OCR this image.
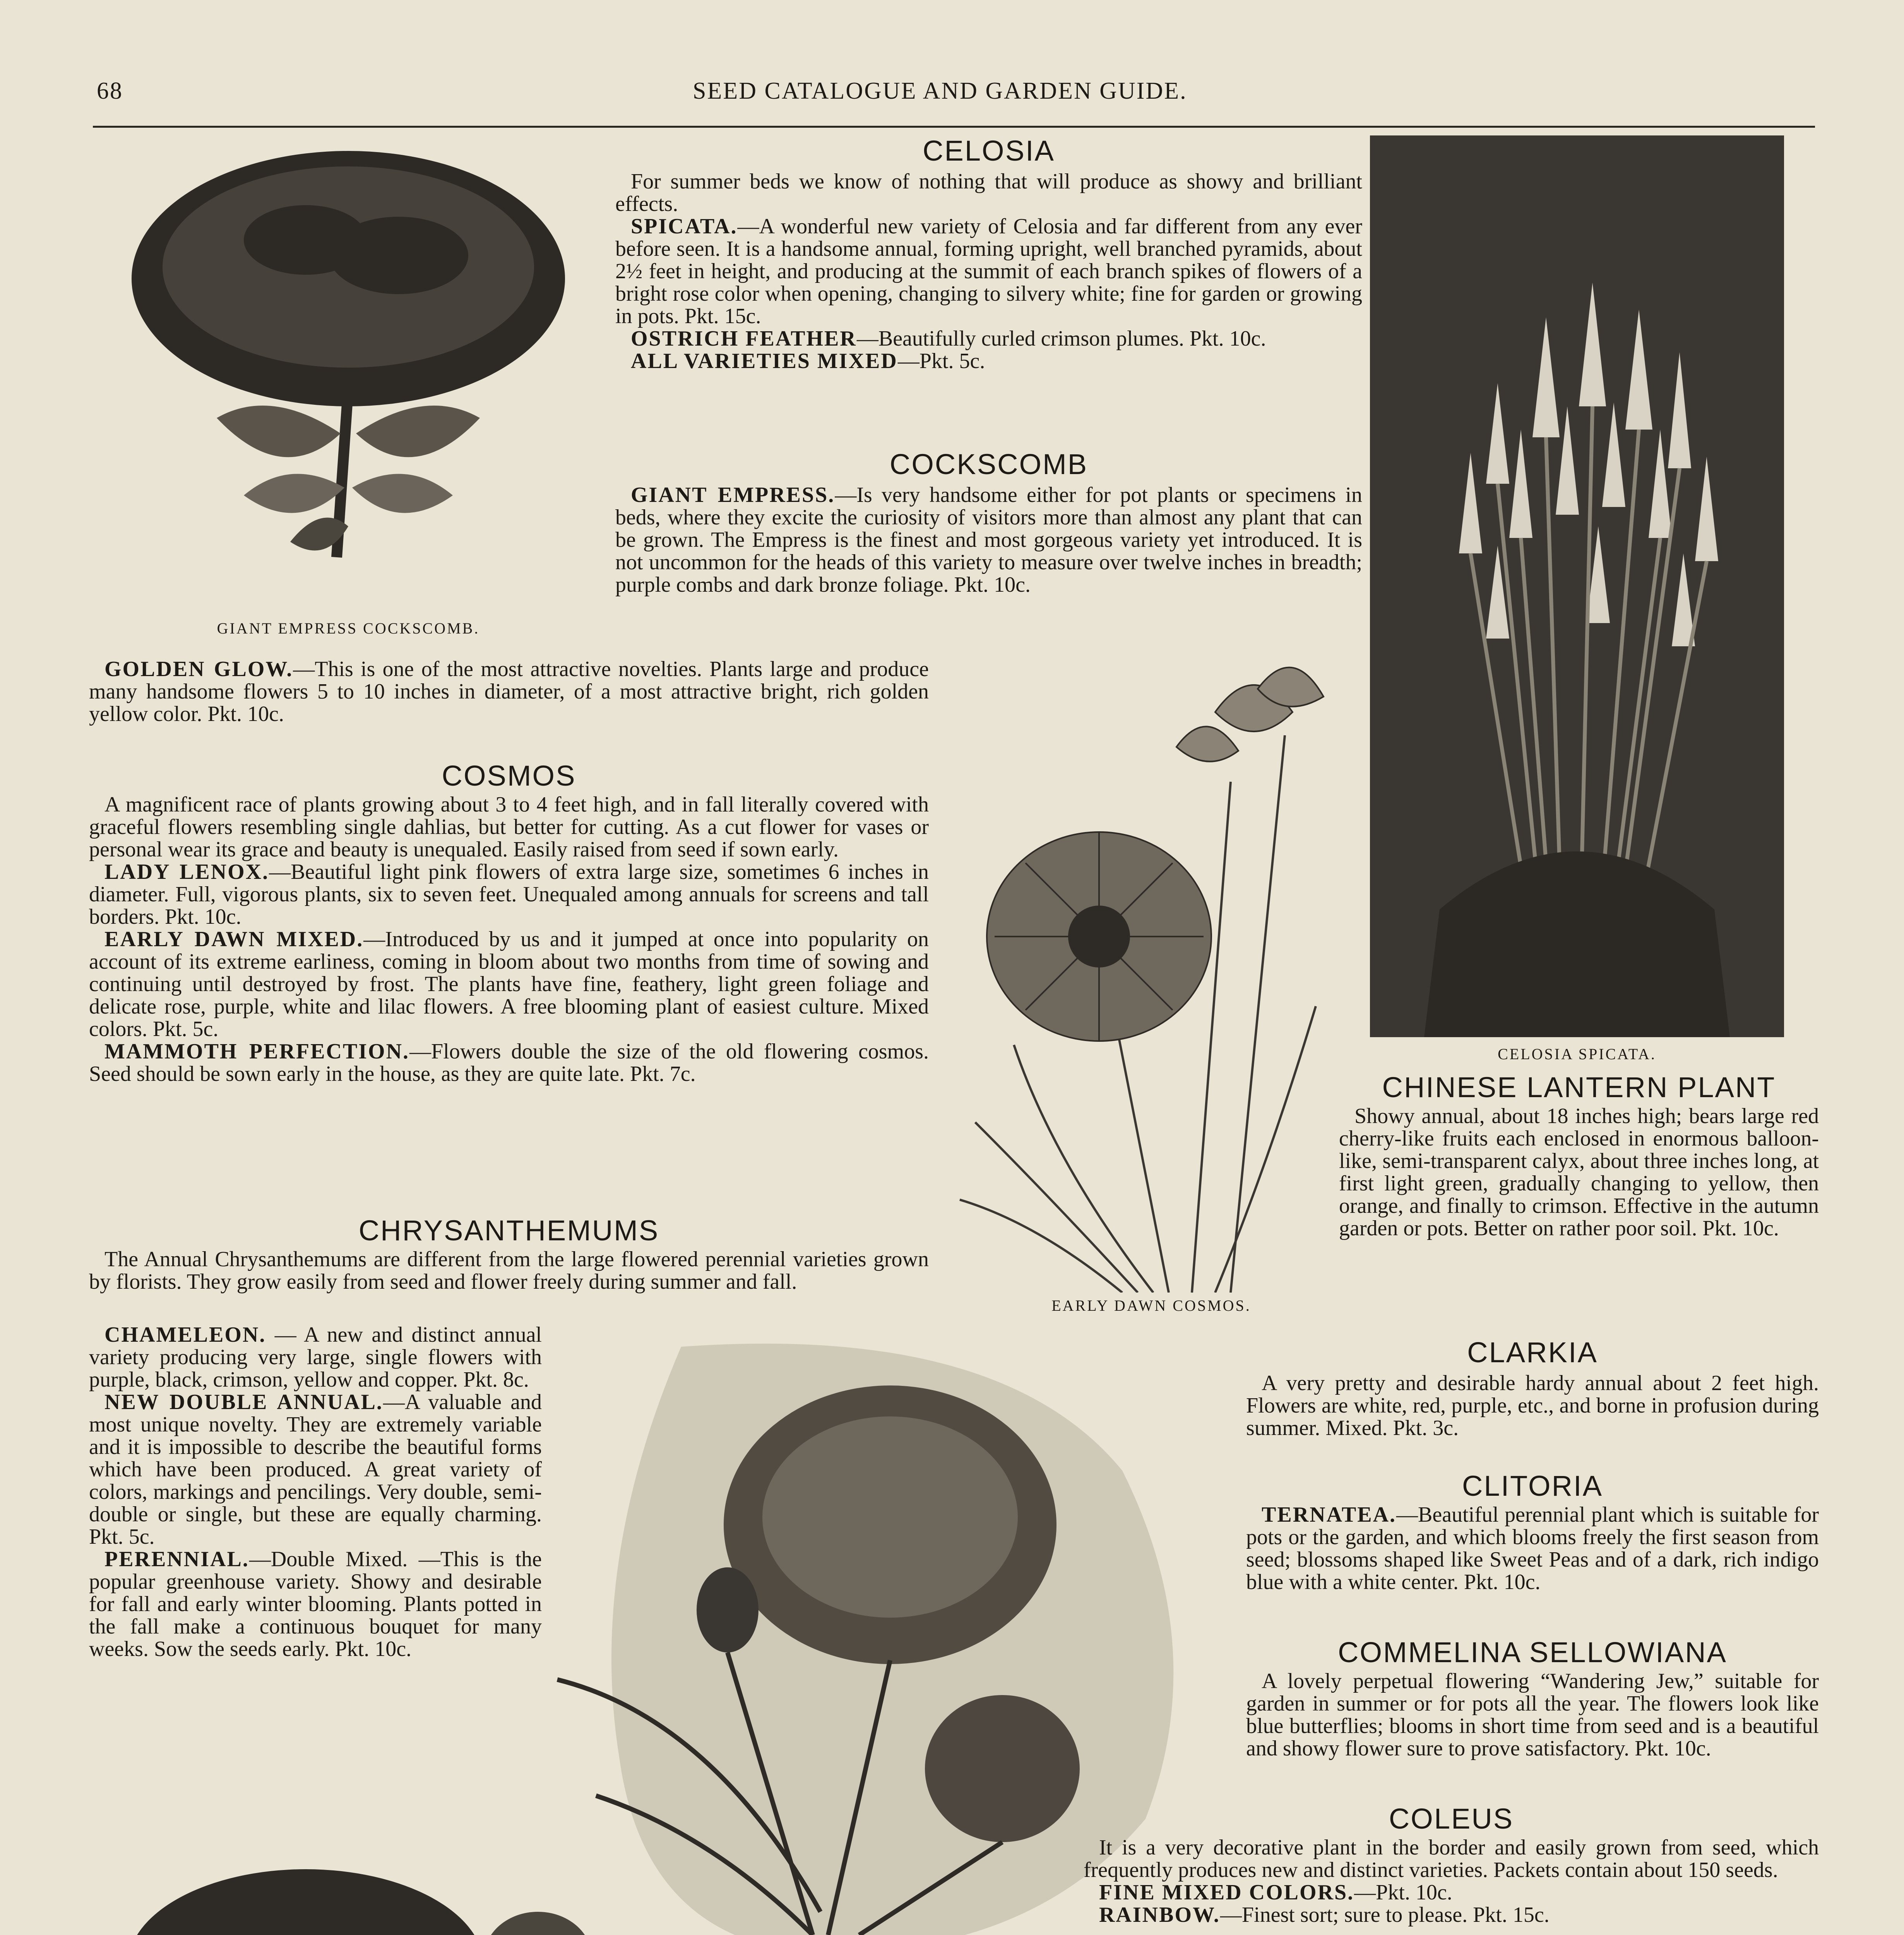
68	SEED CATALOGUE AND GARDEN GUIDE.
GIANT EMPRESS COCKSCOMB.
CELOSIA SPICATA.
EARLY DAWN COSMOS.
CELOSIA

For summer beds we know of nothing that will produce as showy and brilliant effects.

SPICATA.—A wonderful new variety of Celosia and far different from any ever before seen. It is a handsome annual, forming upright, well branched pyramids, about 2½ feet in height, and producing at the summit of each branch spikes of flowers of a bright rose color when opening, changing to silvery white; fine for garden or growing in pots. Pkt. 15c.

OSTRICH FEATHER—Beautifully curled crimson plumes. Pkt. 10c.

ALL VARIETIES MIXED—Pkt. 5c.

COCKSCOMB

GIANT EMPRESS.—Is very handsome either for pot plants or specimens in beds, where they excite the curiosity of visitors more than almost any plant that can be grown. The Empress is the finest and most gorgeous variety yet introduced. It is not uncommon for the heads of this variety to measure over twelve inches in breadth; purple combs and dark bronze foliage. Pkt. 10c.

GOLDEN GLOW.—This is one of the most attractive novelties. Plants large and produce many handsome flowers 5 to 10 inches in diameter, of a most attractive bright, rich golden yellow color. Pkt. 10c.

COSMOS

A magnificent race of plants growing about 3 to 4 feet high, and in fall literally covered with graceful flowers resembling single dahlias, but better for cutting. As a cut flower for vases or personal wear its grace and beauty is unequaled. Easily raised from seed if sown early.

LADY LENOX.—Beautiful light pink flowers of extra large size, sometimes 6 inches in diameter. Full, vigorous plants, six to seven feet. Unequaled among annuals for screens and tall borders. Pkt. 10c.

EARLY DAWN MIXED.—Introduced by us and it jumped at once into popularity on account of its extreme earliness, coming in bloom about two months from time of sowing and continuing until destroyed by frost. The plants have fine, feathery, light green foliage and delicate rose, purple, white and lilac flowers. A free blooming plant of easiest culture. Mixed colors. Pkt. 5c.

MAMMOTH PERFECTION.—Flowers double the size of the old flowering cosmos. Seed should be sown early in the house, as they are quite late. Pkt. 7c.

CHRYSANTHEMUMS

The Annual Chrysanthemums are different from the large flowered perennial varieties grown by florists. They grow easily from seed and flower freely during summer and fall.

CHAMELEON. — A new and distinct annual variety producing very large, single flowers with purple, black, crimson, yellow and copper. Pkt. 8c.

NEW DOUBLE ANNUAL.—A valuable and most unique novelty. They are extremely variable and it is impossible to describe the beautiful forms which have been produced. A great variety of colors, markings and pencilings. Very double, semi-double or single, but these are equally charming. Pkt. 5c.

PERENNIAL.—Double Mixed. —This is the popular greenhouse variety. Showy and desirable for fall and early winter blooming. Plants potted in the fall make a continuous bouquet for many weeks. Sow the seeds early. Pkt. 10c.

CHINESE LANTERN PLANT

Showy annual, about 18 inches high; bears large red cherry-like fruits each enclosed in enormous balloon-like, semi-transparent calyx, about three inches long, at first light green, gradually changing to yellow, then orange, and finally to crimson. Effective in the autumn garden or pots. Better on rather poor soil. Pkt. 10c.

CLARKIA

A very pretty and desirable hardy annual about 2 feet high. Flowers are white, red, purple, etc., and borne in profusion during summer. Mixed. Pkt. 3c.

CLITORIA

TERNATEA.—Beautiful perennial plant which is suitable for pots or the garden, and which blooms freely the first season from seed; blossoms shaped like Sweet Peas and of a dark, rich indigo blue with a white center. Pkt. 10c.

COMMELINA SELLOWIANA

A lovely perpetual flowering “Wandering Jew,” suitable for garden in summer or for pots all the year. The flowers look like blue butterflies; blooms in short time from seed and is a beautiful and showy flower sure to prove satisfactory. Pkt. 10c.

COLEUS

It is a very decorative plant in the border and easily grown from seed, which frequently produces new and distinct varieties. Packets contain about 150 seeds.

FINE MIXED COLORS.—Pkt. 10c.

RAINBOW.—Finest sort; sure to please. Pkt. 15c.
